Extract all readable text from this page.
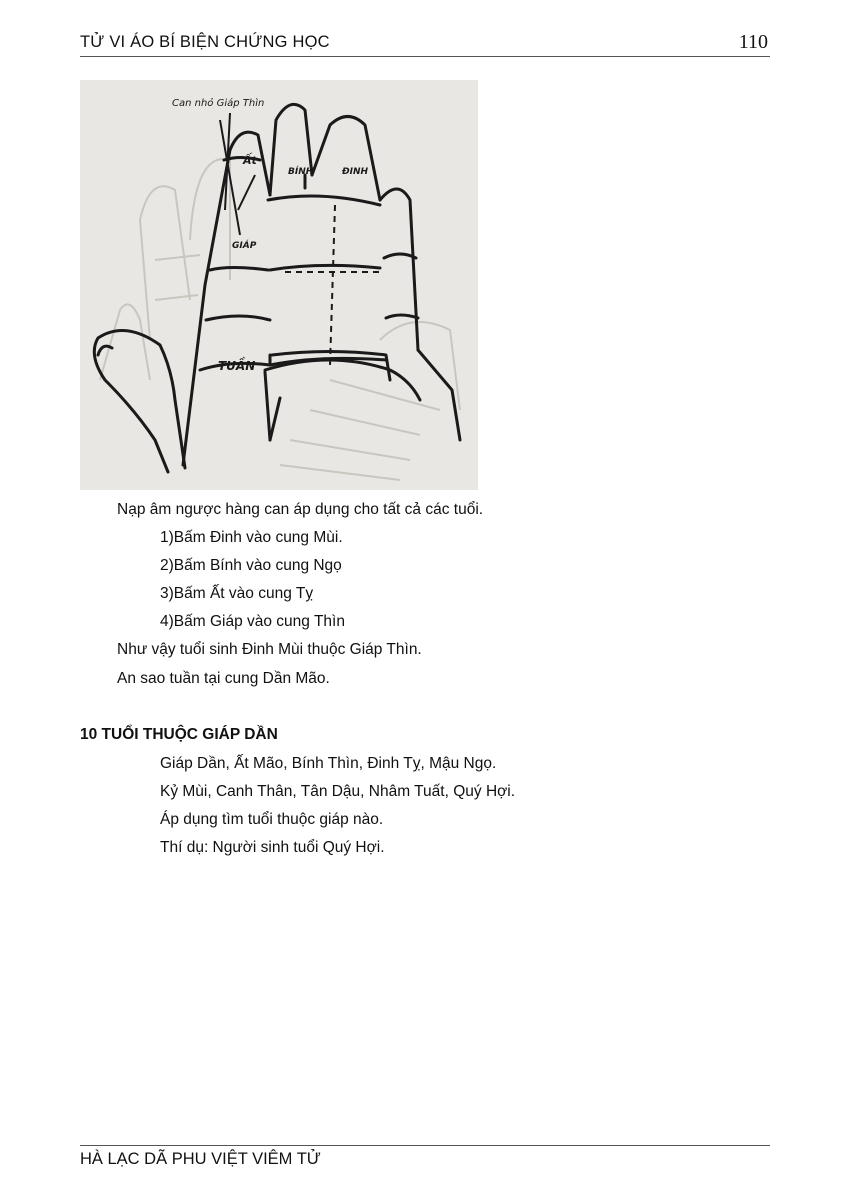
TỬ VI ÁO BÍ BIỆN CHỨNG HỌC	110
Can nhỏ Giáp Thìn
Ất
BÍNH	ĐINH
GIÁP
TUẦN
Nạp âm ngược hàng can áp dụng cho tất cả các tuổi.
1)Bấm Đinh vào cung Mùi.
2)Bấm Bính vào cung Ngọ
3)Bấm Ất vào cung Tỵ
4)Bấm Giáp vào cung Thìn
Như vậy tuổi sinh Đinh Mùi thuộc Giáp Thìn.
An sao tuần tại cung Dần Mão.
10 TUỔI THUỘC GIÁP DẦN
Giáp Dần, Ất Mão, Bính Thìn, Đinh Tỵ, Mậu Ngọ.
Kỷ Mùi, Canh Thân, Tân Dậu, Nhâm Tuất, Quý Hợi.
Áp dụng tìm tuổi thuộc giáp nào.
Thí dụ: Người sinh tuổi Quý Hợi.
HÀ LẠC DÃ PHU VIỆT VIÊM TỬ
